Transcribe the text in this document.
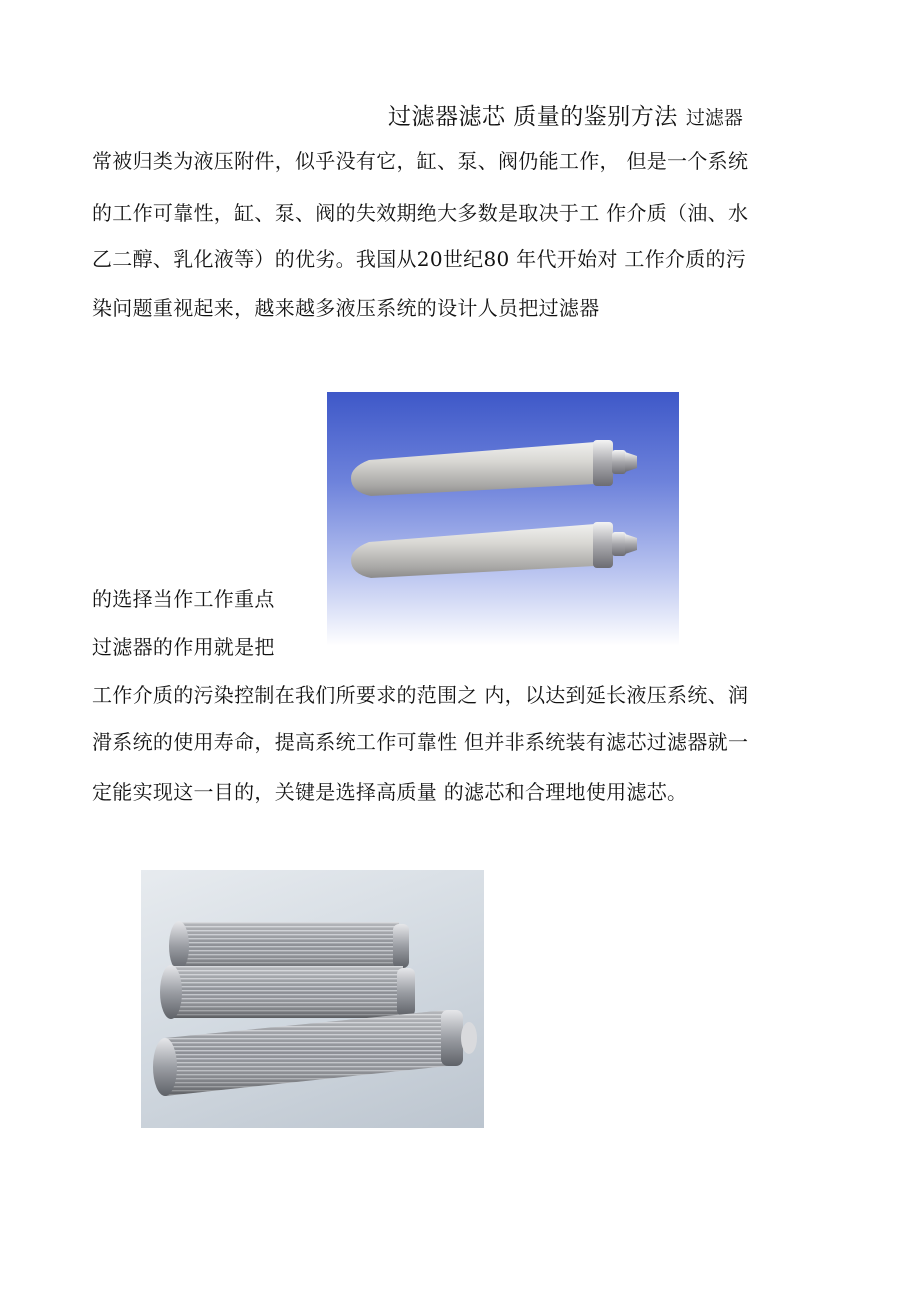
过滤器滤芯 质量的鉴别方法 过滤器
常被归类为液压附件，似乎没有它，缸、泵、阀仍能工作， 但是一个系统
的工作可靠性，缸、泵、阀的失效期绝大多数是取决于工 作介质（油、水
乙二醇、乳化液等）的优劣。我国从20世纪80 年代开始对 工作介质的污
染问题重视起来，越来越多液压系统的设计人员把过滤器
的选择当作工作重点
过滤器的作用就是把
工作介质的污染控制在我们所要求的范围之 内，以达到延长液压系统、润
滑系统的使用寿命，提高系统工作可靠性 但并非系统装有滤芯过滤器就一
定能实现这一目的，关键是选择高质量 的滤芯和合理地使用滤芯。
